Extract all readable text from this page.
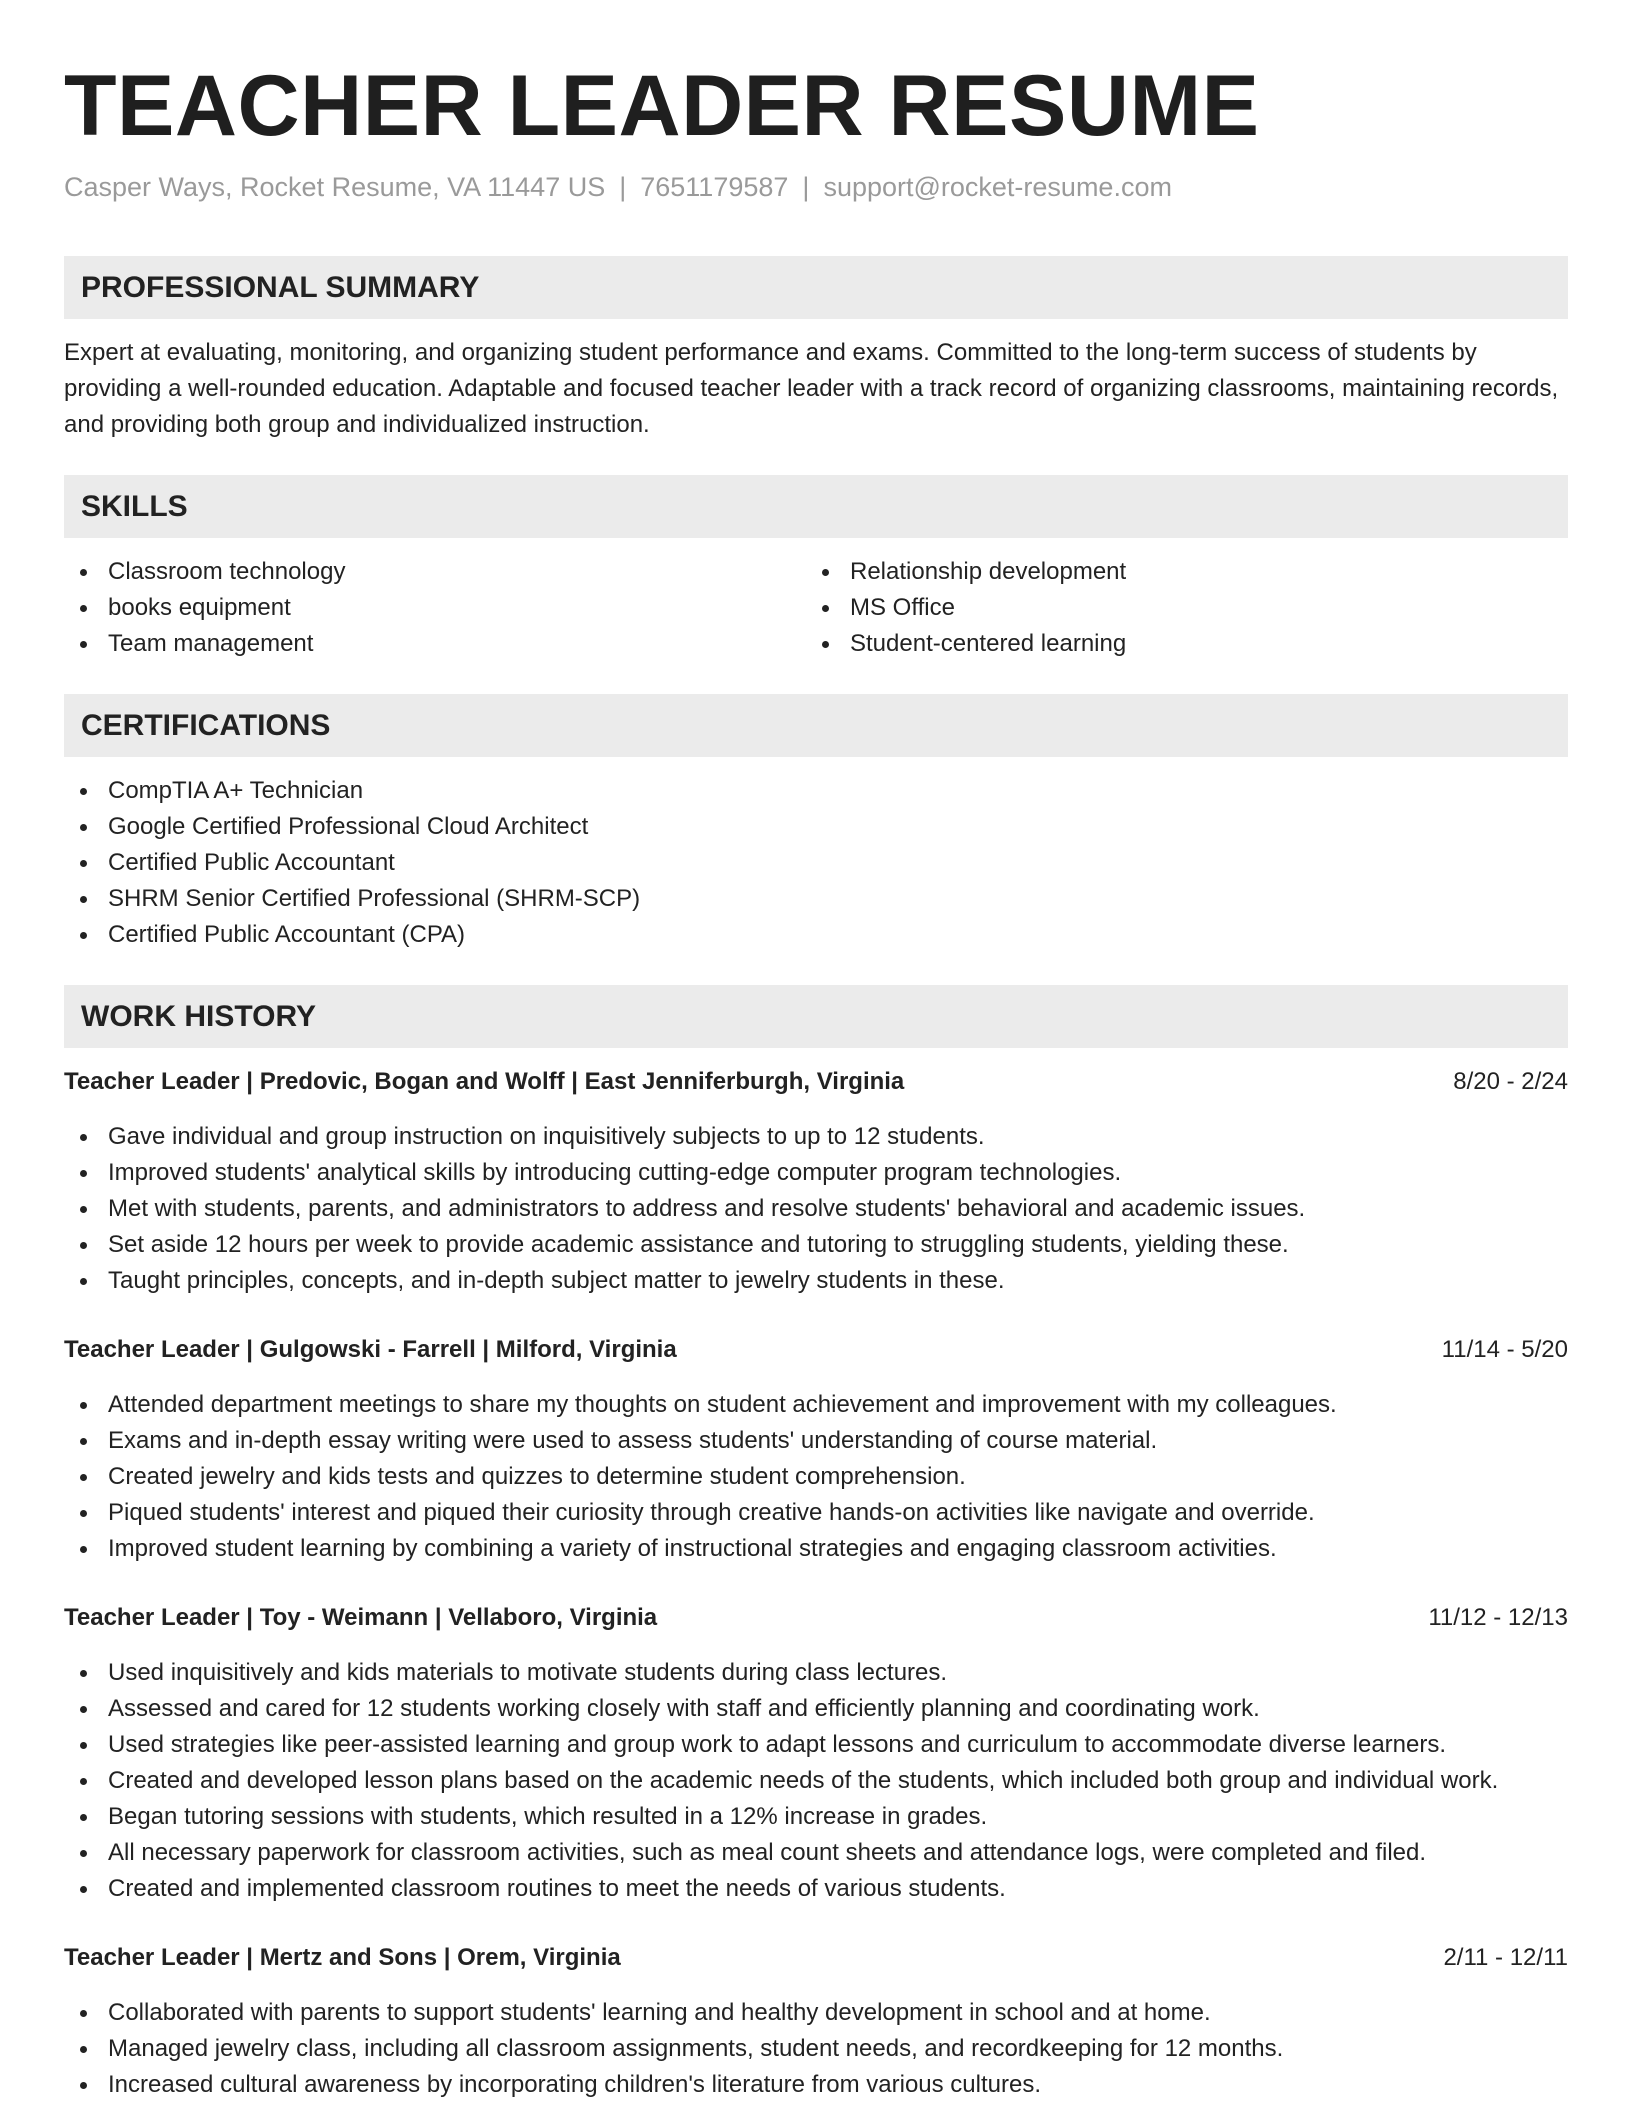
TEACHER LEADER RESUME
Casper Ways, Rocket Resume, VA 11447 US | 7651179587 | support@rocket-resume.com
PROFESSIONAL SUMMARY

Expert at evaluating, monitoring, and organizing student performance and exams. Committed to the long-term success of students by providing a well-rounded education. Adaptable and focused teacher leader with a track record of organizing classrooms, maintaining records, and providing both group and individualized instruction.

SKILLS
Classroom technology
books equipment
Team management
Relationship development
MS Office
Student-centered learning
CERTIFICATIONS
CompTIA A+ Technician
Google Certified Professional Cloud Architect
Certified Public Accountant
SHRM Senior Certified Professional (SHRM-SCP)
Certified Public Accountant (CPA)
WORK HISTORY
Teacher Leader | Predovic, Bogan and Wolff | East Jenniferburgh, Virginia	8/20 - 2/24
Gave individual and group instruction on inquisitively subjects to up to 12 students.
Improved students' analytical skills by introducing cutting-edge computer program technologies.
Met with students, parents, and administrators to address and resolve students' behavioral and academic issues.
Set aside 12 hours per week to provide academic assistance and tutoring to struggling students, yielding these.
Taught principles, concepts, and in-depth subject matter to jewelry students in these.
Teacher Leader | Gulgowski - Farrell | Milford, Virginia	11/14 - 5/20
Attended department meetings to share my thoughts on student achievement and improvement with my colleagues.
Exams and in-depth essay writing were used to assess students' understanding of course material.
Created jewelry and kids tests and quizzes to determine student comprehension.
Piqued students' interest and piqued their curiosity through creative hands-on activities like navigate and override.
Improved student learning by combining a variety of instructional strategies and engaging classroom activities.
Teacher Leader | Toy - Weimann | Vellaboro, Virginia	11/12 - 12/13
Used inquisitively and kids materials to motivate students during class lectures.
Assessed and cared for 12 students working closely with staff and efficiently planning and coordinating work.
Used strategies like peer-assisted learning and group work to adapt lessons and curriculum to accommodate diverse learners.
Created and developed lesson plans based on the academic needs of the students, which included both group and individual work.
Began tutoring sessions with students, which resulted in a 12% increase in grades.
All necessary paperwork for classroom activities, such as meal count sheets and attendance logs, were completed and filed.
Created and implemented classroom routines to meet the needs of various students.
Teacher Leader | Mertz and Sons | Orem, Virginia	2/11 - 12/11
Collaborated with parents to support students' learning and healthy development in school and at home.
Managed jewelry class, including all classroom assignments, student needs, and recordkeeping for 12 months.
Increased cultural awareness by incorporating children's literature from various cultures.
